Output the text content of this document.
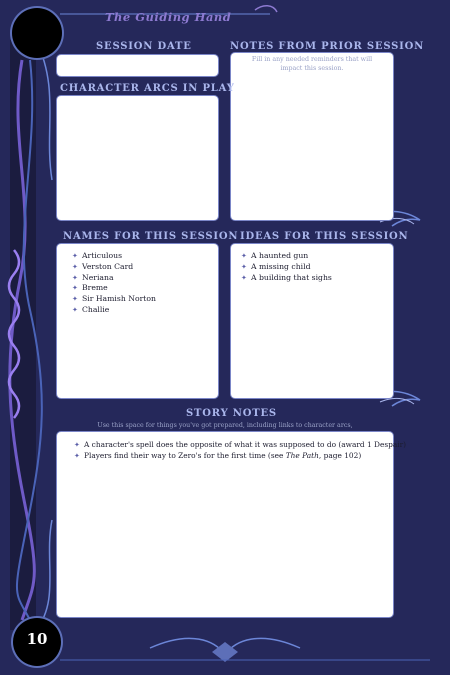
10
The Guiding Hand
SESSION DATE	NOTES FROM PRIOR SESSION
Fill in any needed reminders that will
impact this session.
CHARACTER ARCS IN PLAY
NAMES FOR THIS SESSION
✦ Articulous
✦ Verston Card
✦ Neriana
✦ Breme
✦ Sir Hamish Norton
✦ Challie
IDEAS FOR THIS SESSION
✦ A haunted gun
✦ A missing child
✦ A building that sighs
STORY NOTES
Use this space for things you've got prepared, including links to character arcs,
✦ A character's spell does the opposite of what it was supposed to do (award 1 Despair)
✦ Players find their way to Zero's for the first time (see The Path, page 102)
